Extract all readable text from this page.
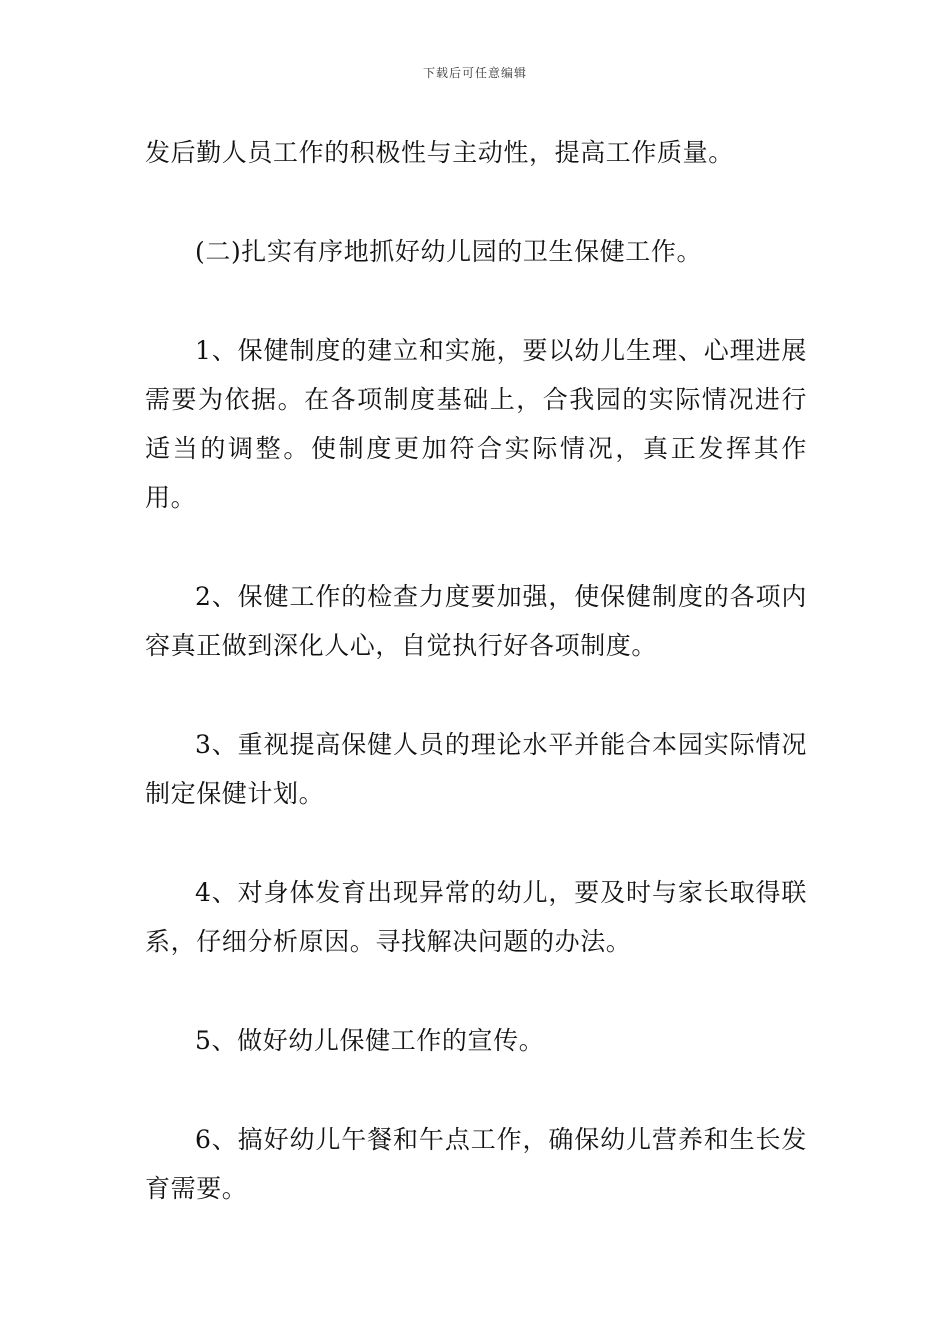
下载后可任意编辑

发后勤人员工作的积极性与主动性，提高工作质量。

(二)扎实有序地抓好幼儿园的卫生保健工作。

1、保健制度的建立和实施，要以幼儿生理、心理进展需要为依据。在各项制度基础上，合我园的实际情况进行适当的调整。使制度更加符合实际情况，真正发挥其作用。

2、保健工作的检查力度要加强，使保健制度的各项内容真正做到深化人心，自觉执行好各项制度。

3、重视提高保健人员的理论水平并能合本园实际情况制定保健计划。

4、对身体发育出现异常的幼儿，要及时与家长取得联系，仔细分析原因。寻找解决问题的办法。

5、做好幼儿保健工作的宣传。

6、搞好幼儿午餐和午点工作，确保幼儿营养和生长发育需要。
